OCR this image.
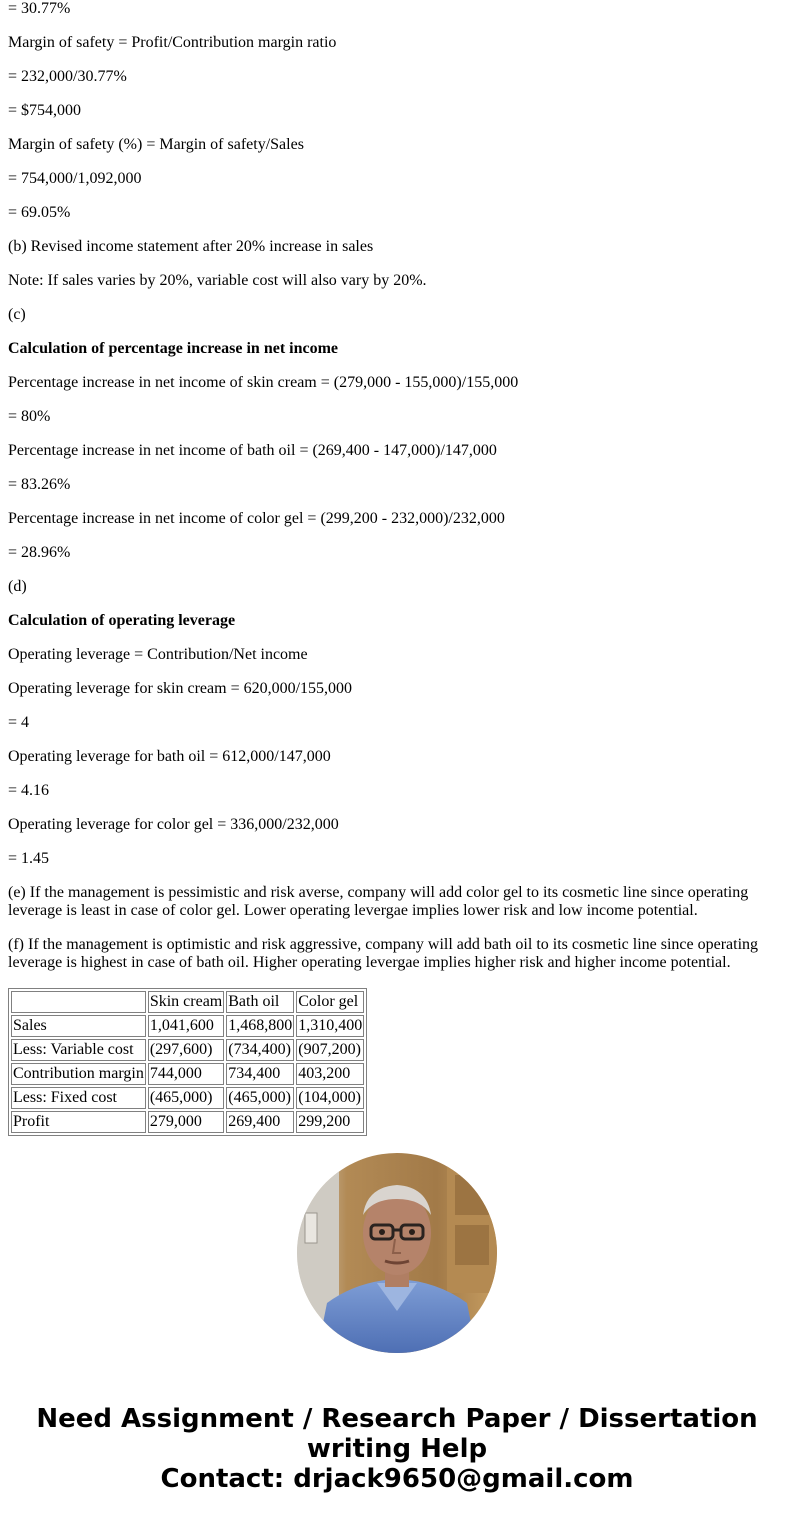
= 30.77%

Margin of safety = Profit/Contribution margin ratio

= 232,000/30.77%

= $754,000

Margin of safety (%) = Margin of safety/Sales

= 754,000/1,092,000

= 69.05%

(b) Revised income statement after 20% increase in sales

Note: If sales varies by 20%, variable cost will also vary by 20%.

(c)

Calculation of percentage increase in net income

Percentage increase in net income of skin cream = (279,000 - 155,000)/155,000

= 80%

Percentage increase in net income of bath oil = (269,400 - 147,000)/147,000

= 83.26%

Percentage increase in net income of color gel = (299,200 - 232,000)/232,000

= 28.96%

(d)

Calculation of operating leverage

Operating leverage = Contribution/Net income

Operating leverage for skin cream = 620,000/155,000

= 4

Operating leverage for bath oil = 612,000/147,000

= 4.16

Operating leverage for color gel = 336,000/232,000

= 1.45

(e) If the management is pessimistic and risk averse, company will add color gel to its cosmetic line since operating leverage is least in case of color gel. Lower operating levergae implies lower risk and low income potential.

(f) If the management is optimistic and risk aggressive, company will add bath oil to its cosmetic line since operating leverage is highest in case of bath oil. Higher operating levergae implies higher risk and higher income potential.

	Skin cream	Bath oil	Color gel
Sales	1,041,600	1,468,800	1,310,400
Less: Variable cost	(297,600)	(734,400)	(907,200)
Contribution margin	744,000	734,400	403,200
Less: Fixed cost	(465,000)	(465,000)	(104,000)
Profit	279,000	269,400	299,200
Need Assignment / Research Paper / Dissertation
writing Help
Contact: drjack9650@gmail.com
